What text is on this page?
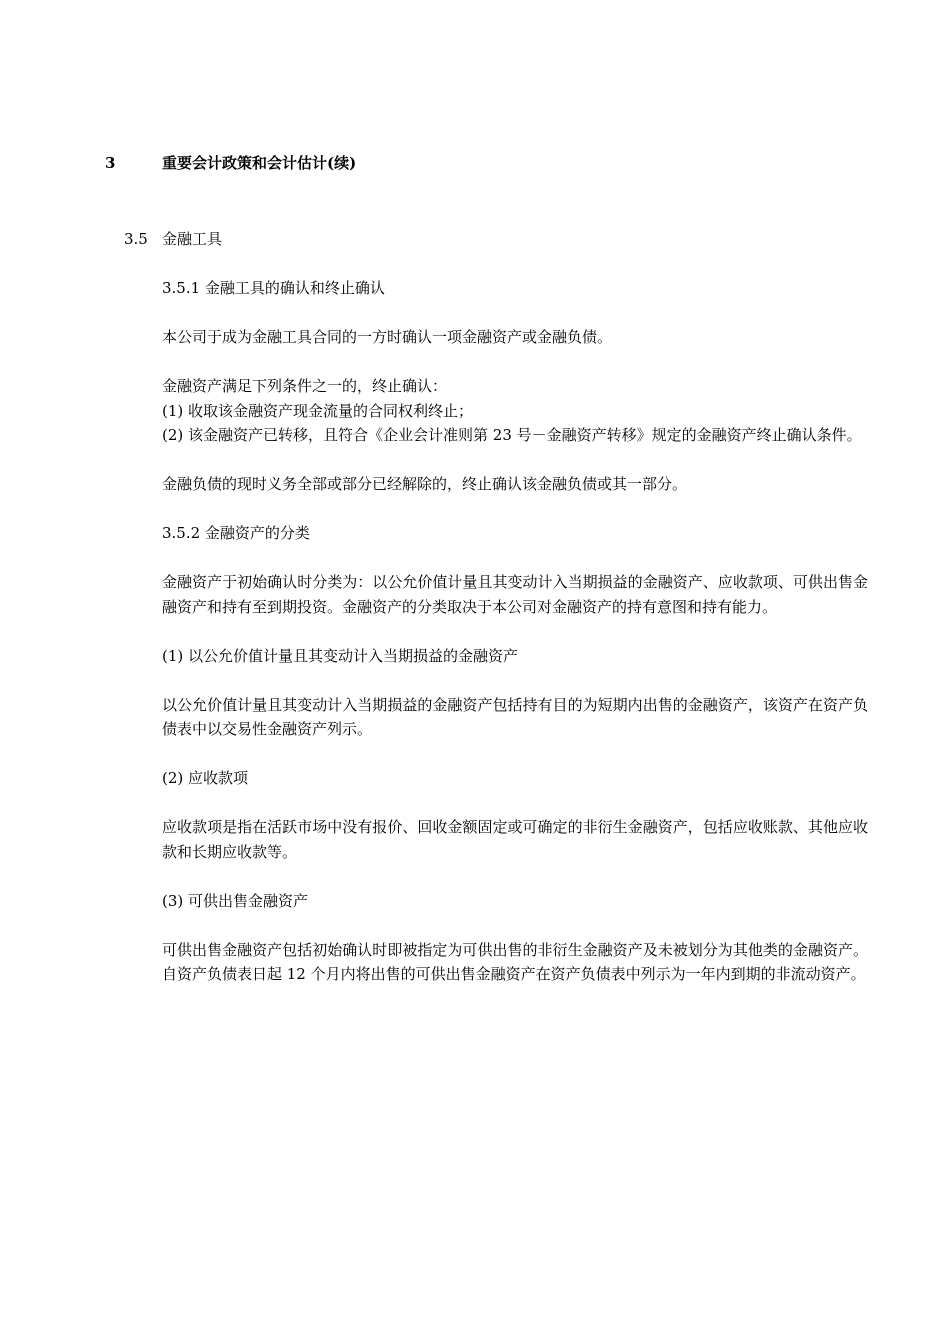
3	重要会计政策和会计估计(续)
3.5 金融工具

3.5.1 金融工具的确认和终止确认

本公司于成为金融工具合同的一方时确认一项金融资产或金融负债。

金融资产满足下列条件之一的，终止确认：

(1) 收取该金融资产现金流量的合同权利终止；

(2) 该金融资产已转移，且符合《企业会计准则第 23 号－金融资产转移》规定的金融资产终止确认条件。

金融负债的现时义务全部或部分已经解除的，终止确认该金融负债或其一部分。

3.5.2 金融资产的分类

金融资产于初始确认时分类为：以公允价值计量且其变动计入当期损益的金融资产、应收款项、可供出售金融资产和持有至到期投资。金融资产的分类取决于本公司对金融资产的持有意图和持有能力。

(1) 以公允价值计量且其变动计入当期损益的金融资产

以公允价值计量且其变动计入当期损益的金融资产包括持有目的为短期内出售的金融资产，该资产在资产负债表中以交易性金融资产列示。

(2) 应收款项

应收款项是指在活跃市场中没有报价、回收金额固定或可确定的非衍生金融资产，包括应收账款、其他应收款和长期应收款等。

(3) 可供出售金融资产

可供出售金融资产包括初始确认时即被指定为可供出售的非衍生金融资产及未被划分为其他类的金融资产。自资产负债表日起 12 个月内将出售的可供出售金融资产在资产负债表中列示为一年内到期的非流动资产。
